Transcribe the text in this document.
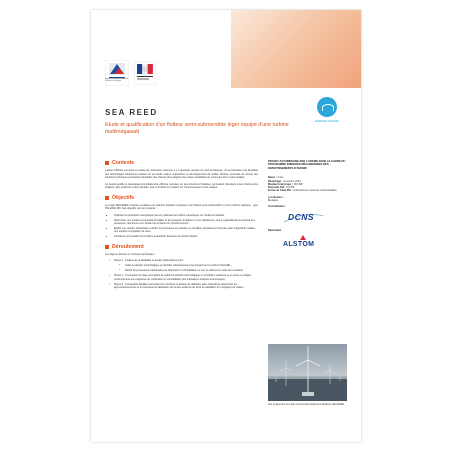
Agence de l'Environnement et de la Maîtrise de l'Energie
SEA REED
Etude et qualification d'un flotteur semi-submersible léger équipé d'une turbine multimégawatt
ENERGIES MARINES
Contexte

L'éolien offshore est entré en phase de croissance soutenue il y a quelques années au nord de l'Europe, où la profondeur est favorable aux technologies d'éoliennes posées sur les fonds marins. Aujourd'hui, le développement de l'éolien offshore nécessite de trouver des solutions techniques permettant d'exploiter des champs plus éloignés des côtes, bénéficiant de vents plus forts et plus stables.

Ce besoin justifie le développement d'éoliennes offshore montées sur des structures flottantes, permettant d'accéder à des champs plus éloignés, plus profonds et plus étendus, tout en limitant les impacts sur l'environnement et les usages.

Objectifs

Le projet SEA REED consiste à réaliser une éolienne flottante composée d'un flotteur semi-submersible et d'une turbine existante , type HALIADE 150. Ses objectifs sont les suivants :

• Optimiser la production énergétique tout en maîtrisant les efforts mécaniques sur l'éolienne flottante ;
• Déterminer une solution permettant d'installer et de récupérer le flotteur en mer rapidement, tout en garantissant la sécurité des personnes, des biens et en limitant les impacts sur l'environnement ;
• Etablir une solution industrielle et définir les processus de maintien en condition opérationnel d'un parc dans l'objectif de réaliser une solution compétitive de série ;
• Contribuer à la création d'une filière industrielle française de l'éolien flottant.
Déroulement

Le projet se déroule en 3 phases principales :

• Phase 1 : Analyse de la faisabilité et études préliminaires pour :
o Isoler la solution technologique et identifier exhaustivement les impacts sur la turbine HALIADE ;
o Définir des processus préliminaires de fabrication et d'installation en mer et estimer les coûts de la solution.
• Phase 2 : Conception de base permettant de valider la solution technologique en conditions extrêmes et en tenue en fatigue conformément aux exigences de certification et consolidation des indicateurs technico-économiques ;
• Phase 3 : Conception détaillée permettant de constituer le dossier de définition dans l'objectif de déclencher les approvisionnements et le processus de fabrication de la 1ère éolienne de série et réalisation d'un stoppeur de chaîne.
PROJET ACCOMPAGNÉ PAR L'ADEME DANS LE CADRE DU PROGRAMME ÉNERGIES DÉCARBONÉES DES INVESTISSEMENTS D'AVENIR
Durée : 3 ans
Démarrage : novembre 2013
Montant total projet : 18,5 M€
Dont aide PIA : 6,6 M€
Forme de l'aide PIA : subventions et avances remboursables
Localisation :
Bretagne
Coordinateur
DCNS
Partenaire
ALSTOM
Vue prospective d'un parc commercial d'éoliennes flottantes SEA REED
